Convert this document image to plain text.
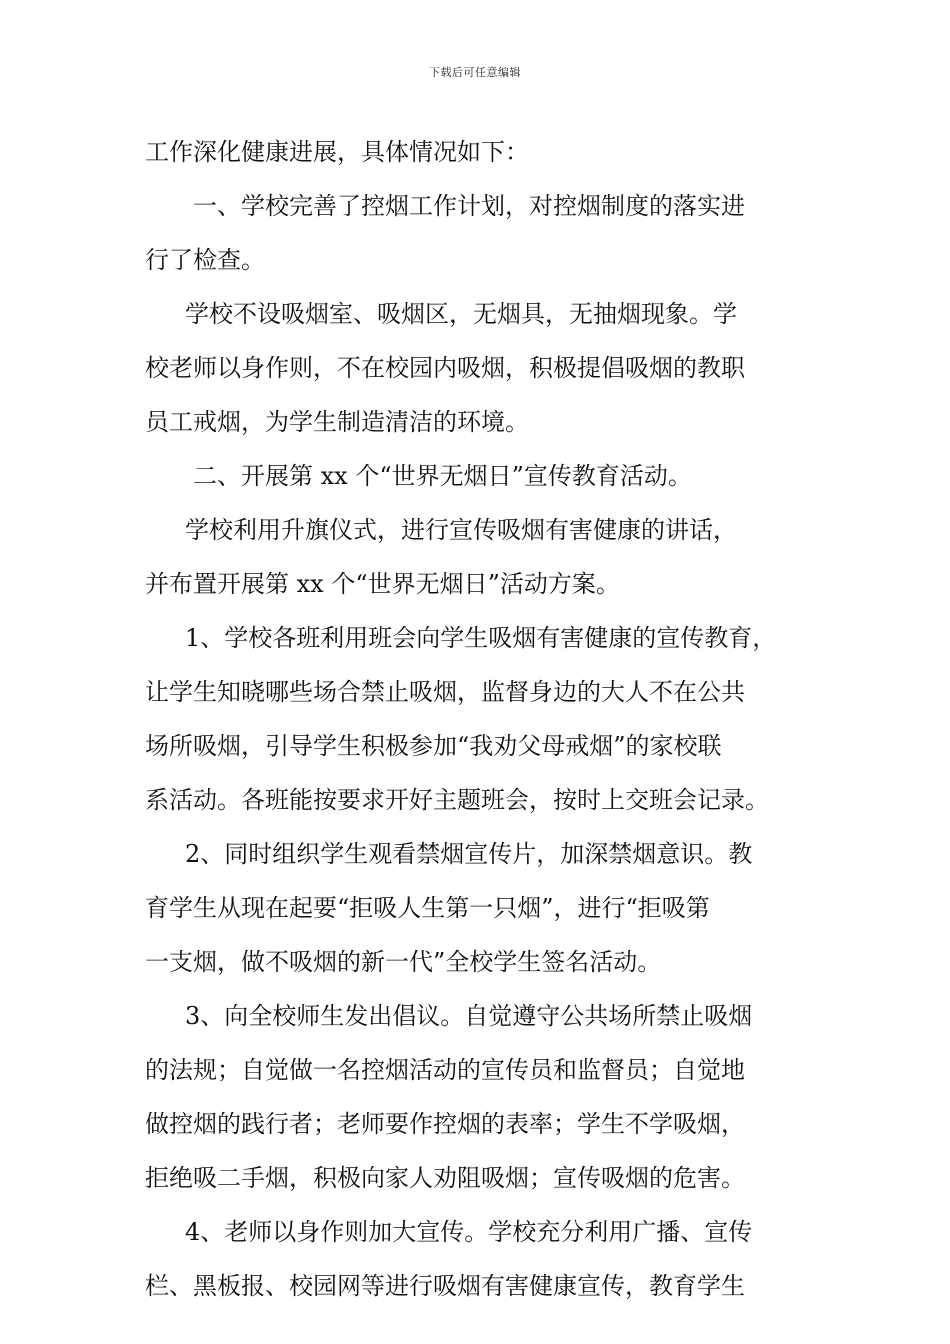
下载后可任意编辑
工作深化健康进展，具体情况如下：
一、学校完善了控烟工作计划，对控烟制度的落实进
行了检查。
学校不设吸烟室、吸烟区，无烟具，无抽烟现象。学
校老师以身作则，不在校园内吸烟，积极提倡吸烟的教职
员工戒烟，为学生制造清洁的环境。
二、开展第 xx 个“世界无烟日”宣传教育活动。
学校利用升旗仪式，进行宣传吸烟有害健康的讲话，
并布置开展第 xx 个“世界无烟日”活动方案。
1、学校各班利用班会向学生吸烟有害健康的宣传教育，
让学生知晓哪些场合禁止吸烟，监督身边的大人不在公共
场所吸烟，引导学生积极参加“我劝父母戒烟”的家校联
系活动。各班能按要求开好主题班会，按时上交班会记录。
2、同时组织学生观看禁烟宣传片，加深禁烟意识。教
育学生从现在起要“拒吸人生第一只烟”，进行“拒吸第
一支烟，做不吸烟的新一代”全校学生签名活动。
3、向全校师生发出倡议。自觉遵守公共场所禁止吸烟
的法规；自觉做一名控烟活动的宣传员和监督员；自觉地
做控烟的践行者；老师要作控烟的表率；学生不学吸烟，
拒绝吸二手烟，积极向家人劝阻吸烟；宣传吸烟的危害。
4、老师以身作则加大宣传。学校充分利用广播、宣传
栏、黑板报、校园网等进行吸烟有害健康宣传，教育学生
